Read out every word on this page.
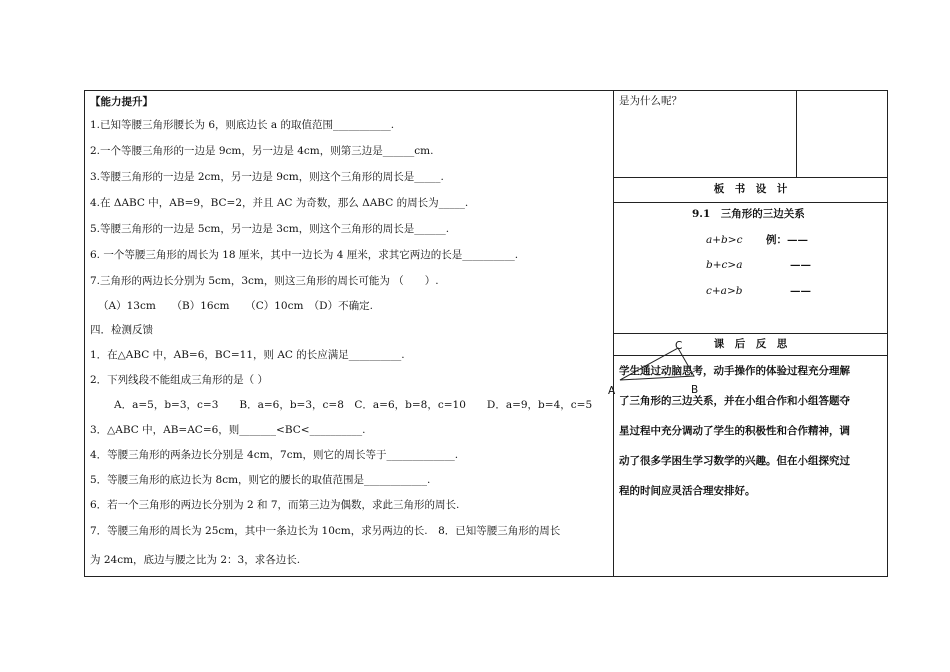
【能力提升】
1.已知等腰三角形腰长为 6，则底边长 a 的取值范围___________.
2.一个等腰三角形的一边是 9cm，另一边是 4cm，则第三边是______cm.
3.等腰三角形的一边是 2cm，另一边是 9cm，则这个三角形的周长是_____.
4.在 ΔABC 中，AB=9，BC=2，并且 AC 为奇数，那么 ΔABC 的周长为_____.
5.等腰三角形的一边是 5cm，另一边是 3cm，则这个三角形的周长是______.
6. 一个等腰三角形的周长为 18 厘米，其中一边长为 4 厘米，求其它两边的长是__________.
7.三角形的两边长分别为 5cm，3cm，则这三角形的周长可能为 （　　）.
（A）13cm　　（B）16cm　　（C）10cm　（D）不确定.
四．检测反馈
1．在△ABC 中，AB=6，BC=11，则 AC 的长应满足__________.
2．下列线段不能组成三角形的是（ ）
A．a=5，b=3，c=3　　B．a=6，b=3，c=8　C．a=6，b=8，c=10　　D．a=9，b=4，c=5
3．△ABC 中，AB=AC=6，则_______<BC<__________.
4．等腰三角形的两条边长分别是 4cm，7cm，则它的周长等于_____________.
5．等腰三角形的底边长为 8cm，则它的腰长的取值范围是____________.
6．若一个三角形的两边长分别为 2 和 7，而第三边为偶数，求此三角形的周长.
7．等腰三角形的周长为 25cm，其中一条边长为 10cm，求另两边的长.　8．已知等腰三角形的周长
为 24cm，底边与腰之比为 2：3，求各边长.
是为什么呢？
板　书　设　计
9.1　三角形的三边关系
a+b>c 例：——
b+c>a	——
c+a>b	——
课　后　反　思
A	B
C
学生通过动脑思考，动手操作的体验过程充分理解
了三角形的三边关系，并在小组合作和小组答题夺
星过程中充分调动了学生的积极性和合作精神，调
动了很多学困生学习数学的兴趣。但在小组探究过
程的时间应灵活合理安排好。
